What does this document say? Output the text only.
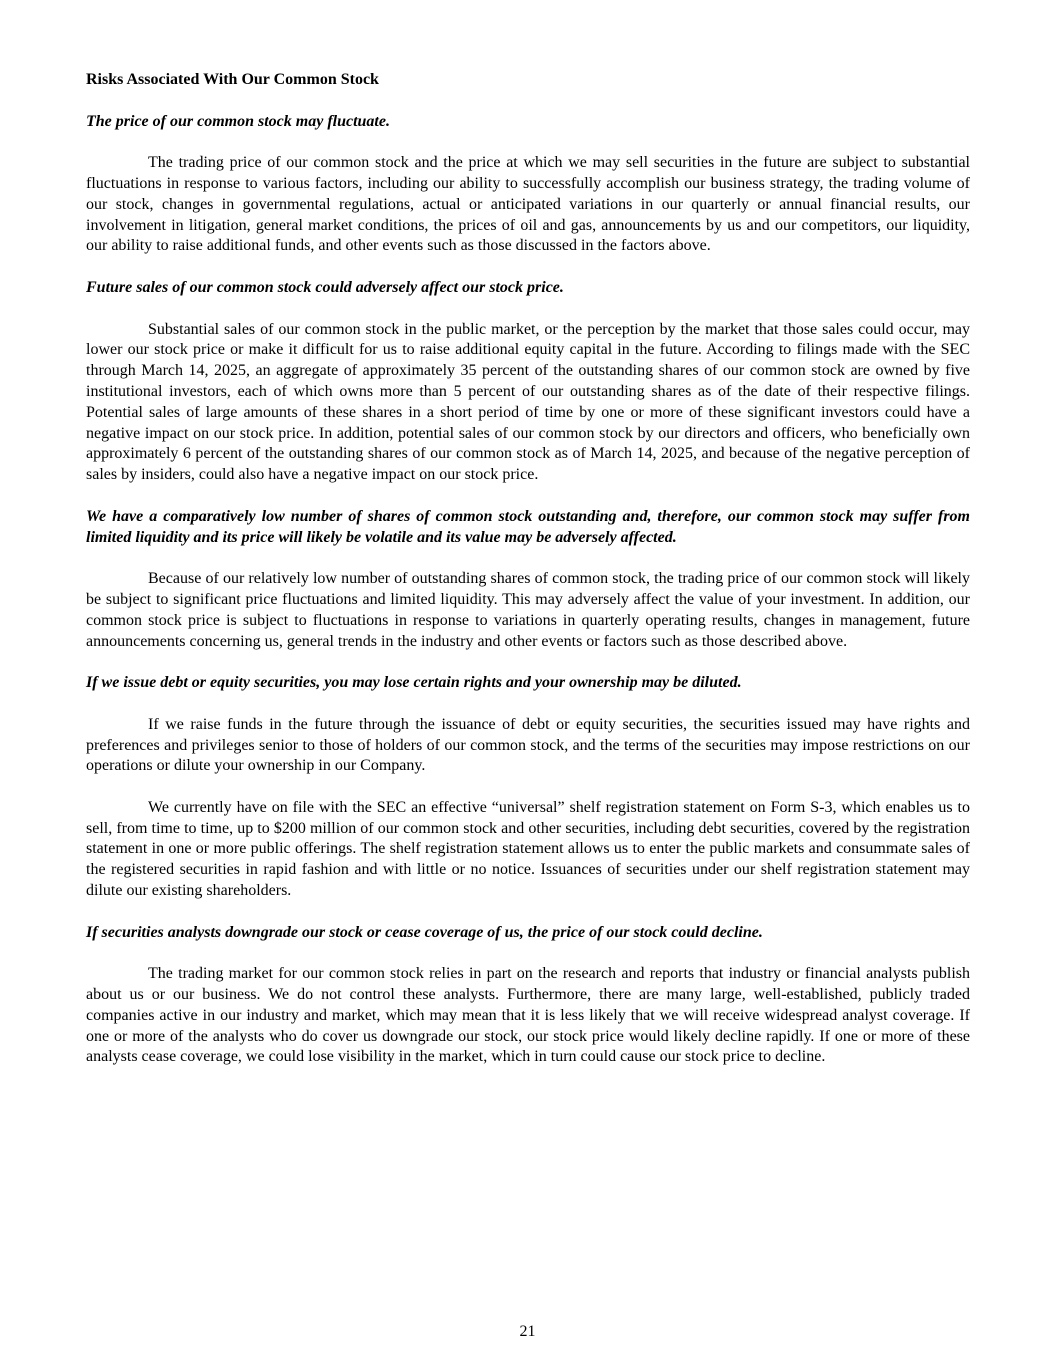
Risks Associated With Our Common Stock
The price of our common stock may fluctuate.
The trading price of our common stock and the price at which we may sell securities in the future are subject to substantial fluctuations in response to various factors, including our ability to successfully accomplish our business strategy, the trading volume of our stock, changes in governmental regulations, actual or anticipated variations in our quarterly or annual financial results, our involvement in litigation, general market conditions, the prices of oil and gas, announcements by us and our competitors, our liquidity, our ability to raise additional funds, and other events such as those discussed in the factors above.
Future sales of our common stock could adversely affect our stock price.
Substantial sales of our common stock in the public market, or the perception by the market that those sales could occur, may lower our stock price or make it difficult for us to raise additional equity capital in the future. According to filings made with the SEC through March 14, 2025, an aggregate of approximately 35 percent of the outstanding shares of our common stock are owned by five institutional investors, each of which owns more than 5 percent of our outstanding shares as of the date of their respective filings. Potential sales of large amounts of these shares in a short period of time by one or more of these significant investors could have a negative impact on our stock price. In addition, potential sales of our common stock by our directors and officers, who beneficially own approximately 6 percent of the outstanding shares of our common stock as of March 14, 2025, and because of the negative perception of sales by insiders, could also have a negative impact on our stock price.
We have a comparatively low number of shares of common stock outstanding and, therefore, our common stock may suffer from limited liquidity and its price will likely be volatile and its value may be adversely affected.
Because of our relatively low number of outstanding shares of common stock, the trading price of our common stock will likely be subject to significant price fluctuations and limited liquidity. This may adversely affect the value of your investment. In addition, our common stock price is subject to fluctuations in response to variations in quarterly operating results, changes in management, future announcements concerning us, general trends in the industry and other events or factors such as those described above.
If we issue debt or equity securities, you may lose certain rights and your ownership may be diluted.
If we raise funds in the future through the issuance of debt or equity securities, the securities issued may have rights and preferences and privileges senior to those of holders of our common stock, and the terms of the securities may impose restrictions on our operations or dilute your ownership in our Company.
We currently have on file with the SEC an effective “universal” shelf registration statement on Form S-3, which enables us to sell, from time to time, up to $200 million of our common stock and other securities, including debt securities, covered by the registration statement in one or more public offerings. The shelf registration statement allows us to enter the public markets and consummate sales of the registered securities in rapid fashion and with little or no notice. Issuances of securities under our shelf registration statement may dilute our existing shareholders.
If securities analysts downgrade our stock or cease coverage of us, the price of our stock could decline.
The trading market for our common stock relies in part on the research and reports that industry or financial analysts publish about us or our business. We do not control these analysts. Furthermore, there are many large, well-established, publicly traded companies active in our industry and market, which may mean that it is less likely that we will receive widespread analyst coverage. If one or more of the analysts who do cover us downgrade our stock, our stock price would likely decline rapidly. If one or more of these analysts cease coverage, we could lose visibility in the market, which in turn could cause our stock price to decline.
21
